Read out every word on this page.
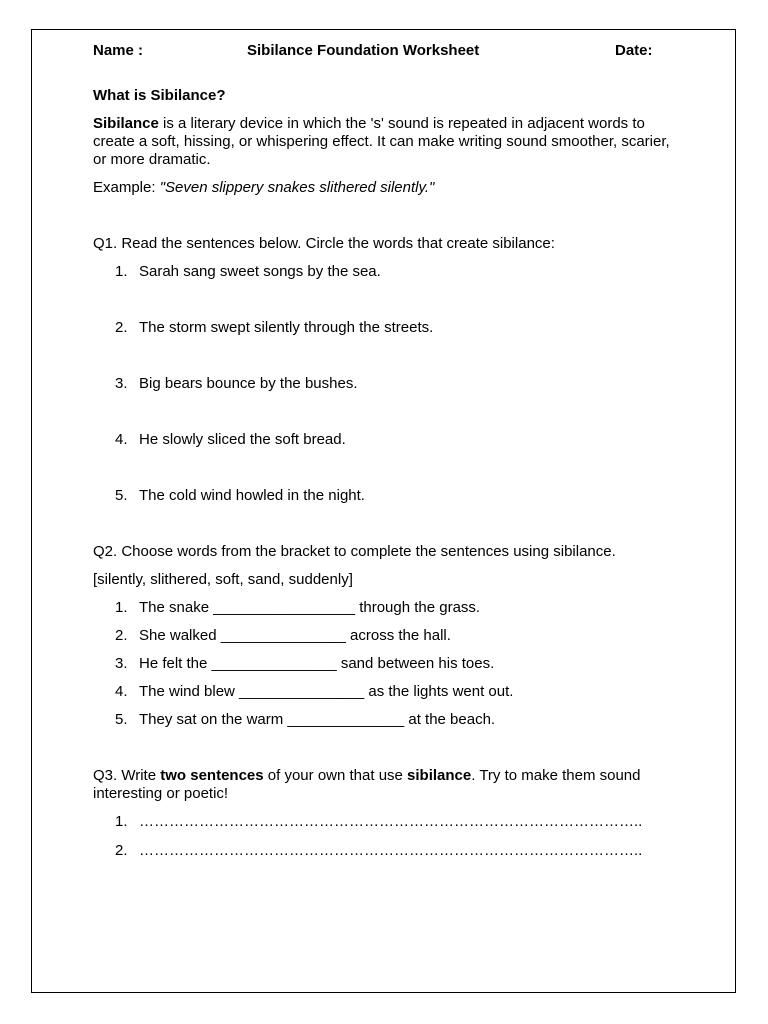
Name :	Sibilance Foundation Worksheet	Date:
What is Sibilance?

Sibilance is a literary device in which the 's' sound is repeated in adjacent words to create a soft, hissing, or whispering effect. It can make writing sound smoother, scarier, or more dramatic.

Example: "Seven slippery snakes slithered silently."

Q1. Read the sentences below. Circle the words that create sibilance:

1. Sarah sang sweet songs by the sea.
2. The storm swept silently through the streets.
3. Big bears bounce by the bushes.
4. He slowly sliced the soft bread.
5. The cold wind howled in the night.

Q2. Choose words from the bracket to complete the sentences using sibilance.

[silently, slithered, soft, sand, suddenly]

1. The snake _________________ through the grass.
2. She walked _______________ across the hall.
3. He felt the _______________ sand between his toes.
4. The wind blew _______________ as the lights went out.
5. They sat on the warm ______________ at the beach.

Q3. Write two sentences of your own that use sibilance. Try to make them sound interesting or poetic!

1. ………………………………………………………………………………………..
2. ………………………………………………………………………………………..
